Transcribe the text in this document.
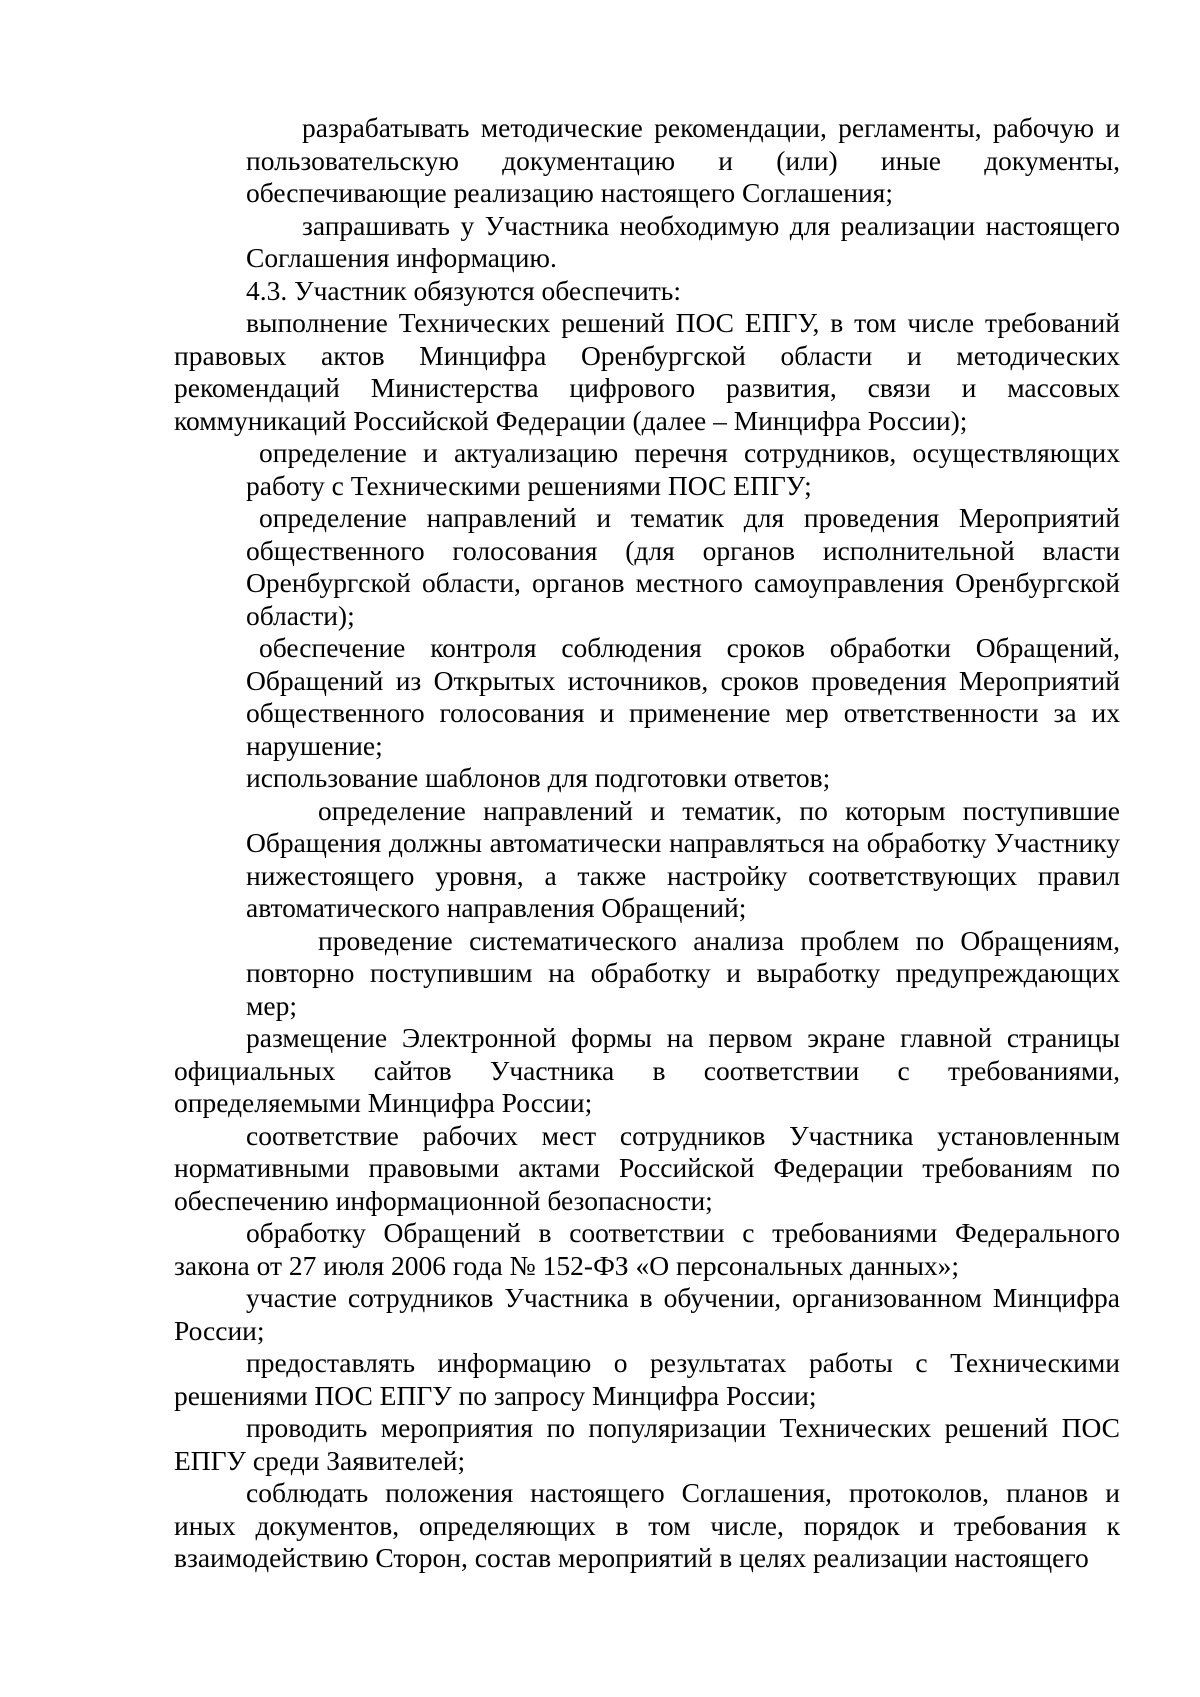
разрабатывать методические рекомендации, регламенты, рабочую и пользовательскую документацию и (или) иные документы, обеспечивающие реализацию настоящего Соглашения;

запрашивать у Участника необходимую для реализации настоящего Соглашения информацию.

4.3. Участник обязуются обеспечить:

выполнение Технических решений ПОС ЕПГУ, в том числе требований правовых актов Минцифра Оренбургской области и методических рекомендаций Министерства цифрового развития, связи и массовых коммуникаций Российской Федерации (далее – Минцифра России);

определение и актуализацию перечня сотрудников, осуществляющих работу с Техническими решениями ПОС ЕПГУ;

определение направлений и тематик для проведения Мероприятий общественного голосования (для органов исполнительной власти Оренбургской области, органов местного самоуправления Оренбургской области);

обеспечение контроля соблюдения сроков обработки Обращений, Обращений из Открытых источников, сроков проведения Мероприятий общественного голосования и применение мер ответственности за их нарушение;

использование шаблонов для подготовки ответов;

определение направлений и тематик, по которым поступившие Обращения должны автоматически направляться на обработку Участнику нижестоящего уровня, а также настройку соответствующих правил автоматического направления Обращений;

проведение систематического анализа проблем по Обращениям, повторно поступившим на обработку и выработку предупреждающих мер;

размещение Электронной формы на первом экране главной страницы официальных сайтов Участника в соответствии с требованиями, определяемыми Минцифра России;

соответствие рабочих мест сотрудников Участника установленным нормативными правовыми актами Российской Федерации требованиям по обеспечению информационной безопасности;

обработку Обращений в соответствии с требованиями Федерального закона от 27 июля 2006 года № 152-ФЗ «О персональных данных»;

участие сотрудников Участника в обучении, организованном Минцифра России;

предоставлять информацию о результатах работы с Техническими решениями ПОС ЕПГУ по запросу Минцифра России;

проводить мероприятия по популяризации Технических решений ПОС ЕПГУ среди Заявителей;

соблюдать положения настоящего Соглашения, протоколов, планов и иных документов, определяющих в том числе, порядок и требования к взаимодействию Сторон, состав мероприятий в целях реализации настоящего
